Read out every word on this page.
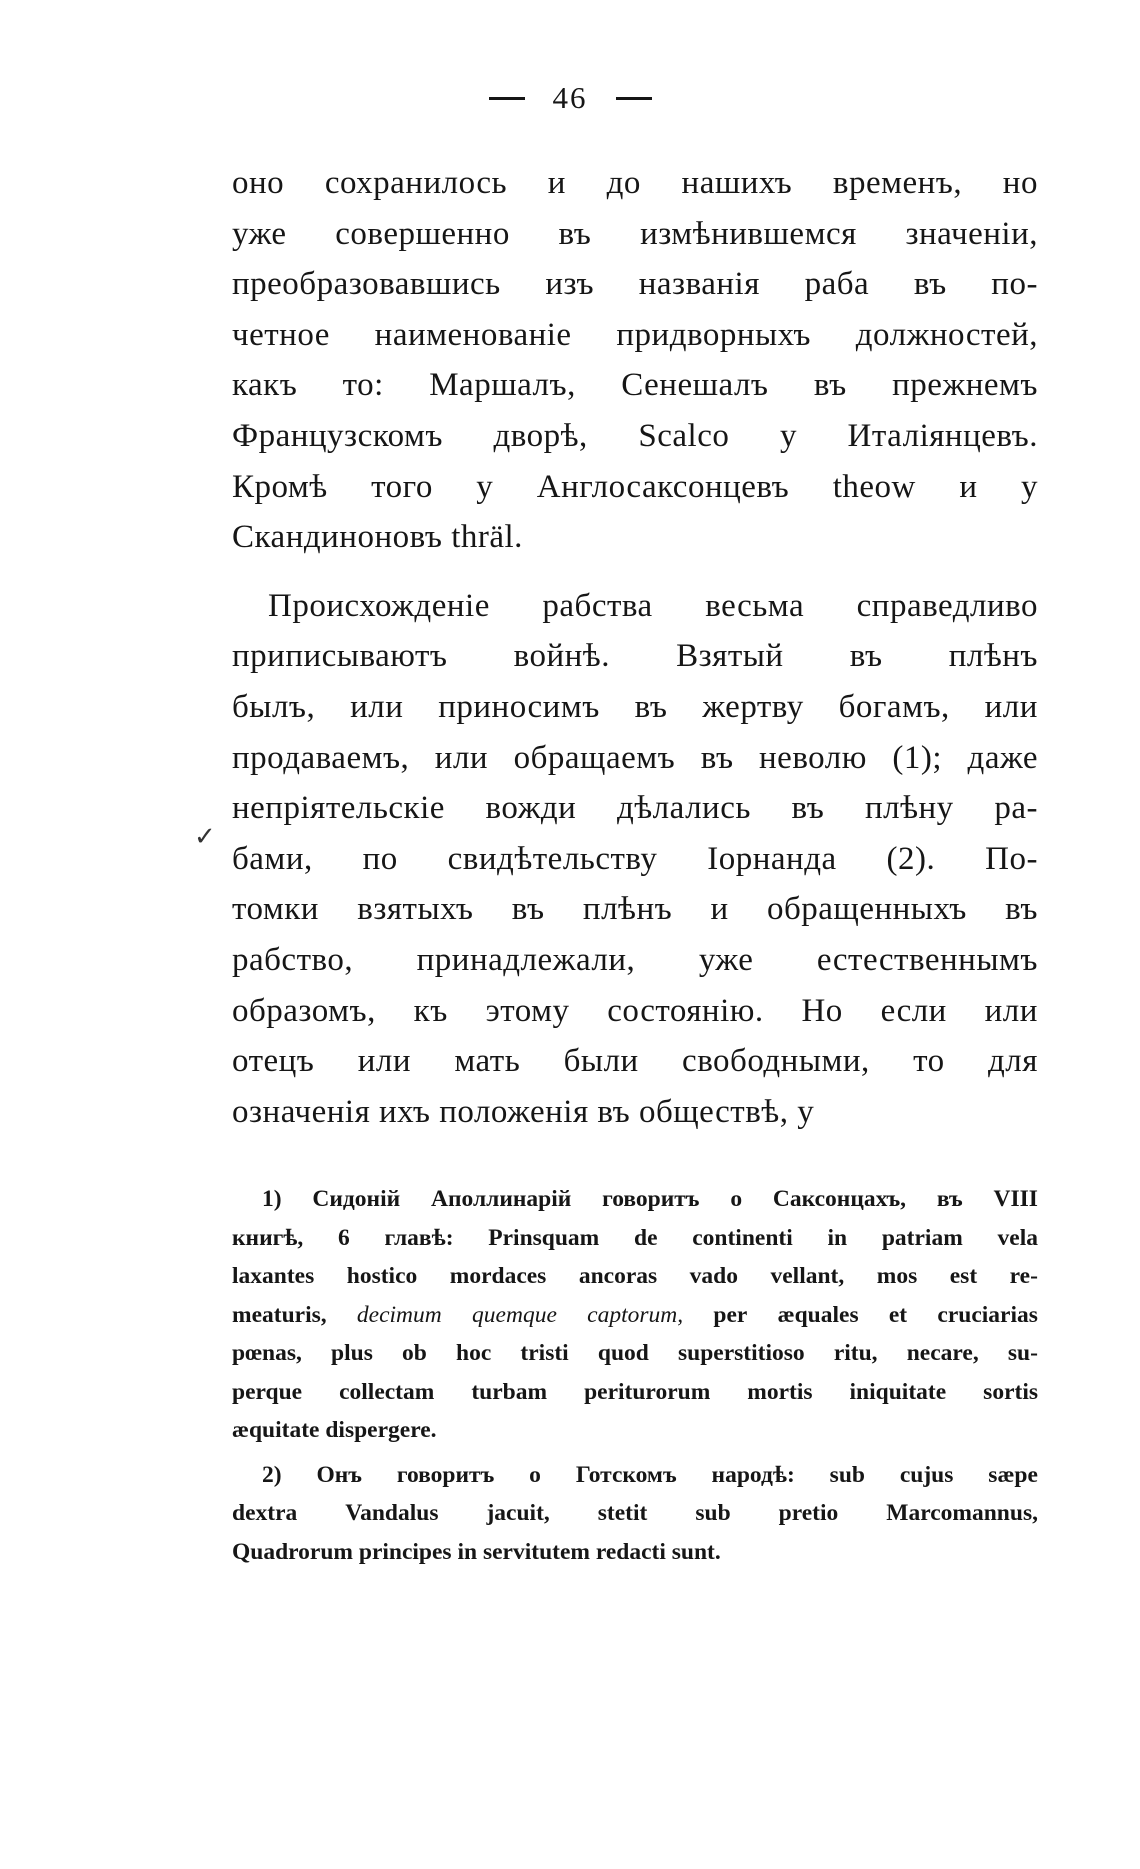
46
✓
оно сохранилось и до нашихъ временъ, но
уже совершенно въ измѣнившемся значенiи,
преобразовавшись изъ названiя раба въ по-
четное наименованiе придворныхъ должностей,
какъ то: Маршалъ, Сенешалъ въ прежнемъ
Французскомъ дворѣ, Scalco у Италiянцевъ.
Кромѣ того у Англосаксонцевъ theow и у
Скандиноновъ thräl.
Происхожденiе рабства весьма справедливо
приписываютъ войнѣ. Взятый въ плѣнъ
былъ, или приносимъ въ жертву богамъ, или
продаваемъ, или обращаемъ въ неволю (1); даже
непрiятельскiе вожди дѣлались въ плѣну ра-
бами, по свидѣтельству Iорнанда (2). По-
томки взятыхъ въ плѣнъ и обращенныхъ въ
рабство, принадлежали, уже естественнымъ
образомъ, къ этому состоянiю. Но если или
отецъ или мать были свободными, то для
означенiя ихъ положенiя въ обществѣ, у
1) Сидонiй Аполлинарiй говоритъ о Саксонцахъ, въ VIII
книгѣ, 6 главѣ: Prinsquam de continenti in patriam vela
laxantes hostico mordaces ancoras vado vellant, mos est re-
meaturis, decimum quemque captorum, per æquales et cruciarias
pœnas, plus ob hoc tristi quod superstitioso ritu, necare, su-
perque collectam turbam periturorum mortis iniquitate sortis
æquitate dispergere.
2) Онъ говоритъ о Готскомъ народѣ: sub cujus sæpe
dextra Vandalus jacuit, stetit sub pretio Marcomannus,
Quadrorum principes in servitutem redacti sunt.
